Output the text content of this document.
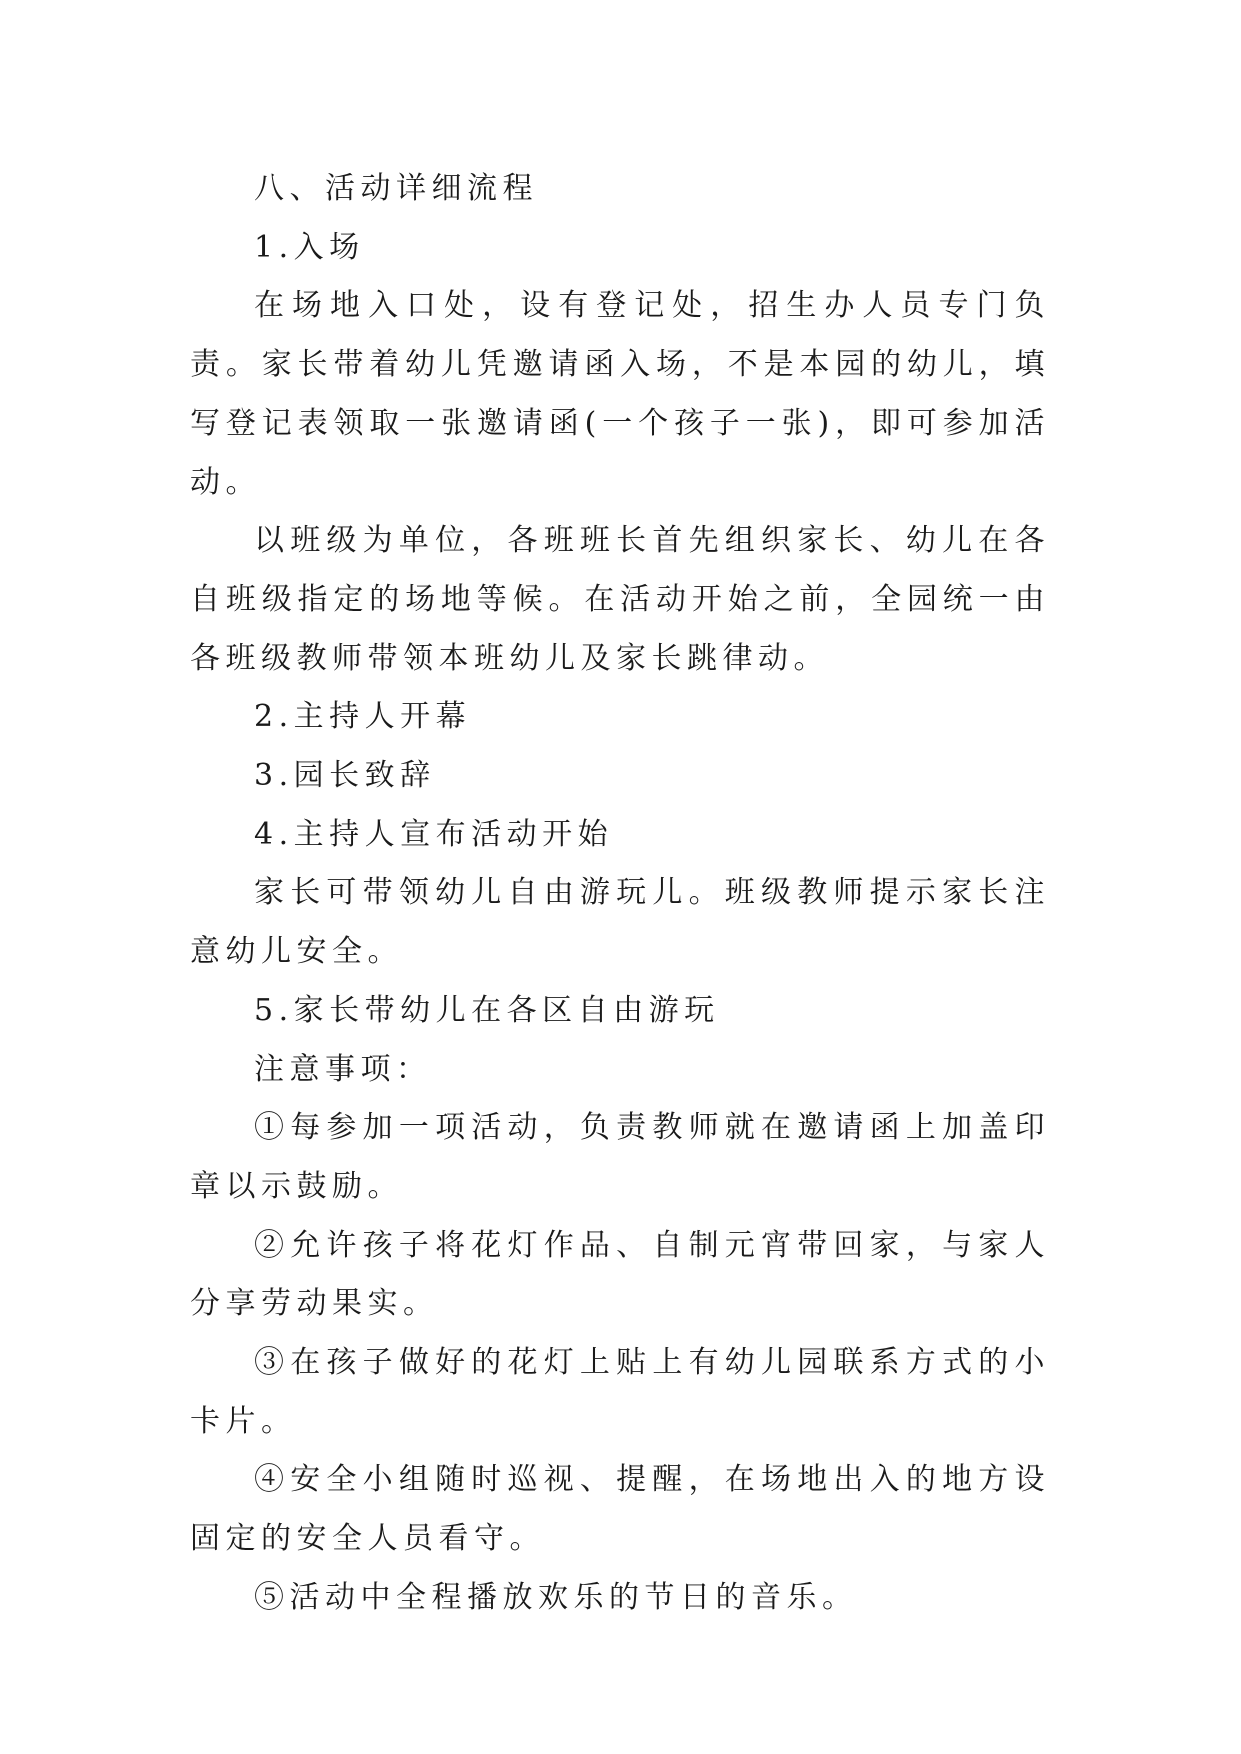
八、活动详细流程

1.入场

在场地入口处，设有登记处，招生办人员专门负责。家长带着幼儿凭邀请函入场，不是本园的幼儿，填写登记表领取一张邀请函(一个孩子一张)，即可参加活动。

以班级为单位，各班班长首先组织家长、幼儿在各自班级指定的场地等候。在活动开始之前，全园统一由各班级教师带领本班幼儿及家长跳律动。

2.主持人开幕

3.园长致辞

4.主持人宣布活动开始

家长可带领幼儿自由游玩儿。班级教师提示家长注意幼儿安全。

5.家长带幼儿在各区自由游玩

注意事项：

①每参加一项活动，负责教师就在邀请函上加盖印章以示鼓励。

②允许孩子将花灯作品、自制元宵带回家，与家人分享劳动果实。

③在孩子做好的花灯上贴上有幼儿园联系方式的小卡片。

④安全小组随时巡视、提醒，在场地出入的地方设固定的安全人员看守。

⑤活动中全程播放欢乐的节日的音乐。
